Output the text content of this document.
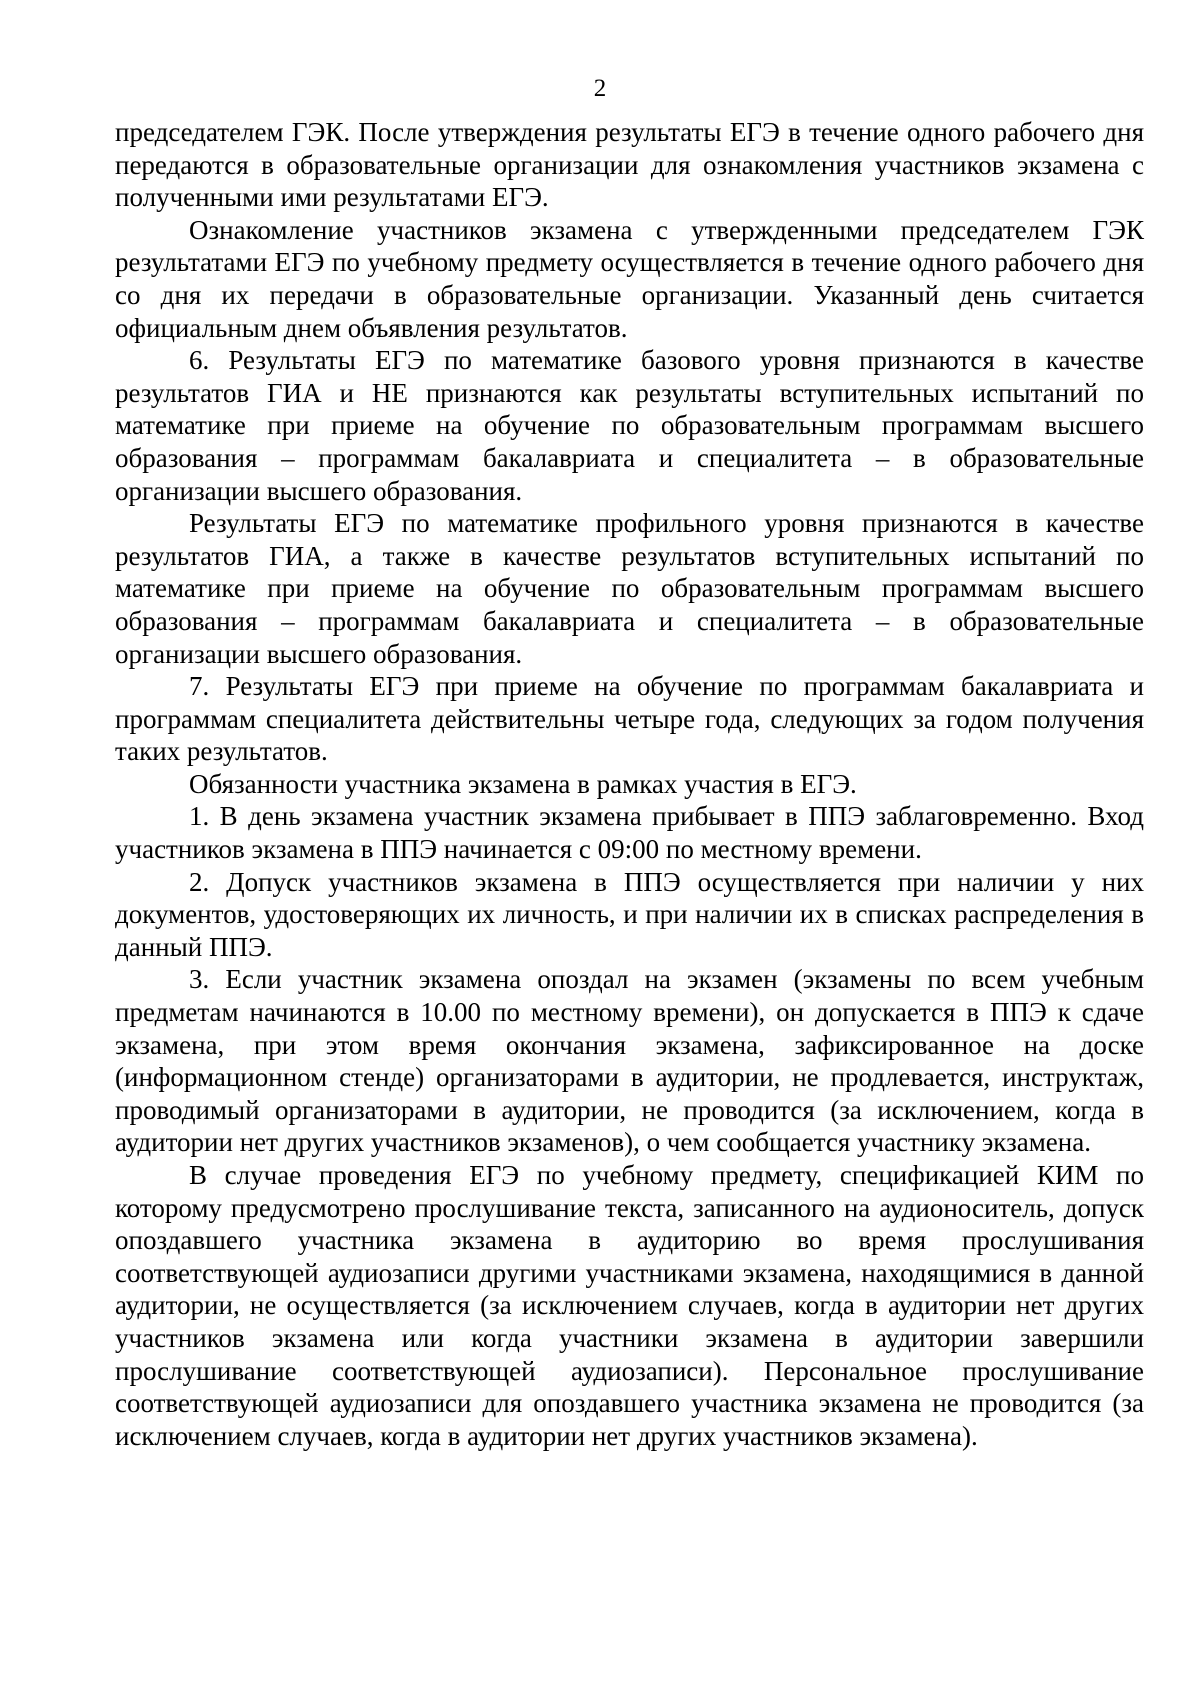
2

председателем ГЭК. После утверждения результаты ЕГЭ в течение одного рабочего дня передаются в образовательные организации для ознакомления участников экзамена с полученными ими результатами ЕГЭ.

Ознакомление участников экзамена с утвержденными председателем ГЭК результатами ЕГЭ по учебному предмету осуществляется в течение одного рабочего дня со дня их передачи в образовательные организации. Указанный день считается официальным днем объявления результатов.

6. Результаты ЕГЭ по математике базового уровня признаются в качестве результатов ГИА и НЕ признаются как результаты вступительных испытаний по математике при приеме на обучение по образовательным программам высшего образования – программам бакалавриата и специалитета – в образовательные организации высшего образования.

Результаты ЕГЭ по математике профильного уровня признаются в качестве результатов ГИА, а также в качестве результатов вступительных испытаний по математике при приеме на обучение по образовательным программам высшего образования – программам бакалавриата и специалитета – в образовательные организации высшего образования.

7. Результаты ЕГЭ при приеме на обучение по программам бакалавриата и программам специалитета действительны четыре года, следующих за годом получения таких результатов.

Обязанности участника экзамена в рамках участия в ЕГЭ.

1. В день экзамена участник экзамена прибывает в ППЭ заблаговременно. Вход участников экзамена в ППЭ начинается с 09:00 по местному времени.

2. Допуск участников экзамена в ППЭ осуществляется при наличии у них документов, удостоверяющих их личность, и при наличии их в списках распределения в данный ППЭ.

3. Если участник экзамена опоздал на экзамен (экзамены по всем учебным предметам начинаются в 10.00 по местному времени), он допускается в ППЭ к сдаче экзамена, при этом время окончания экзамена, зафиксированное на доске (информационном стенде) организаторами в аудитории, не продлевается, инструктаж, проводимый организаторами в аудитории, не проводится (за исключением, когда в аудитории нет других участников экзаменов), о чем сообщается участнику экзамена.

В случае проведения ЕГЭ по учебному предмету, спецификацией КИМ по которому предусмотрено прослушивание текста, записанного на аудионоситель, допуск опоздавшего участника экзамена в аудиторию во время прослушивания соответствующей аудиозаписи другими участниками экзамена, находящимися в данной аудитории, не осуществляется (за исключением случаев, когда в аудитории нет других участников экзамена или когда участники экзамена в аудитории завершили прослушивание соответствующей аудиозаписи). Персональное прослушивание соответствующей аудиозаписи для опоздавшего участника экзамена не проводится (за исключением случаев, когда в аудитории нет других участников экзамена).
